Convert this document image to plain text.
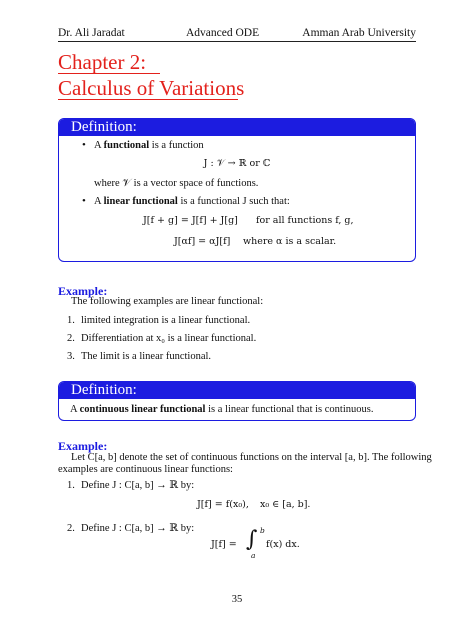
Dr. Ali Jaradat	Advanced ODE	Amman Arab University
Chapter 2:
Calculus of Variations
Definition:
• A functional is a function
J : 𝒱 → ℝ or ℂ
where 𝒱 is a vector space of functions.
• A linear functional is a functional J such that:
J[f + g] = J[f] + J[g] for all functions f, g,
J[αf] = αJ[f] where α is a scalar.
Example:
The following examples are linear functional:
1. limited integration is a linear functional.
2. Differentiation at x₀ is a linear functional.
3. The limit is a linear functional.
Definition:
A continuous linear functional is a linear functional that is continuous.
Example:
Let C[a, b] denote the set of continuous functions on the interval [a, b]. The following
examples are continuous linear functions:
1. Define J : C[a, b] → ℝ by:
J[f] = f(x₀), x₀ ∈ [a, b].
2. Define J : C[a, b] → ℝ by:
J[f] = ∫ b
a
f(x) dx.
35
